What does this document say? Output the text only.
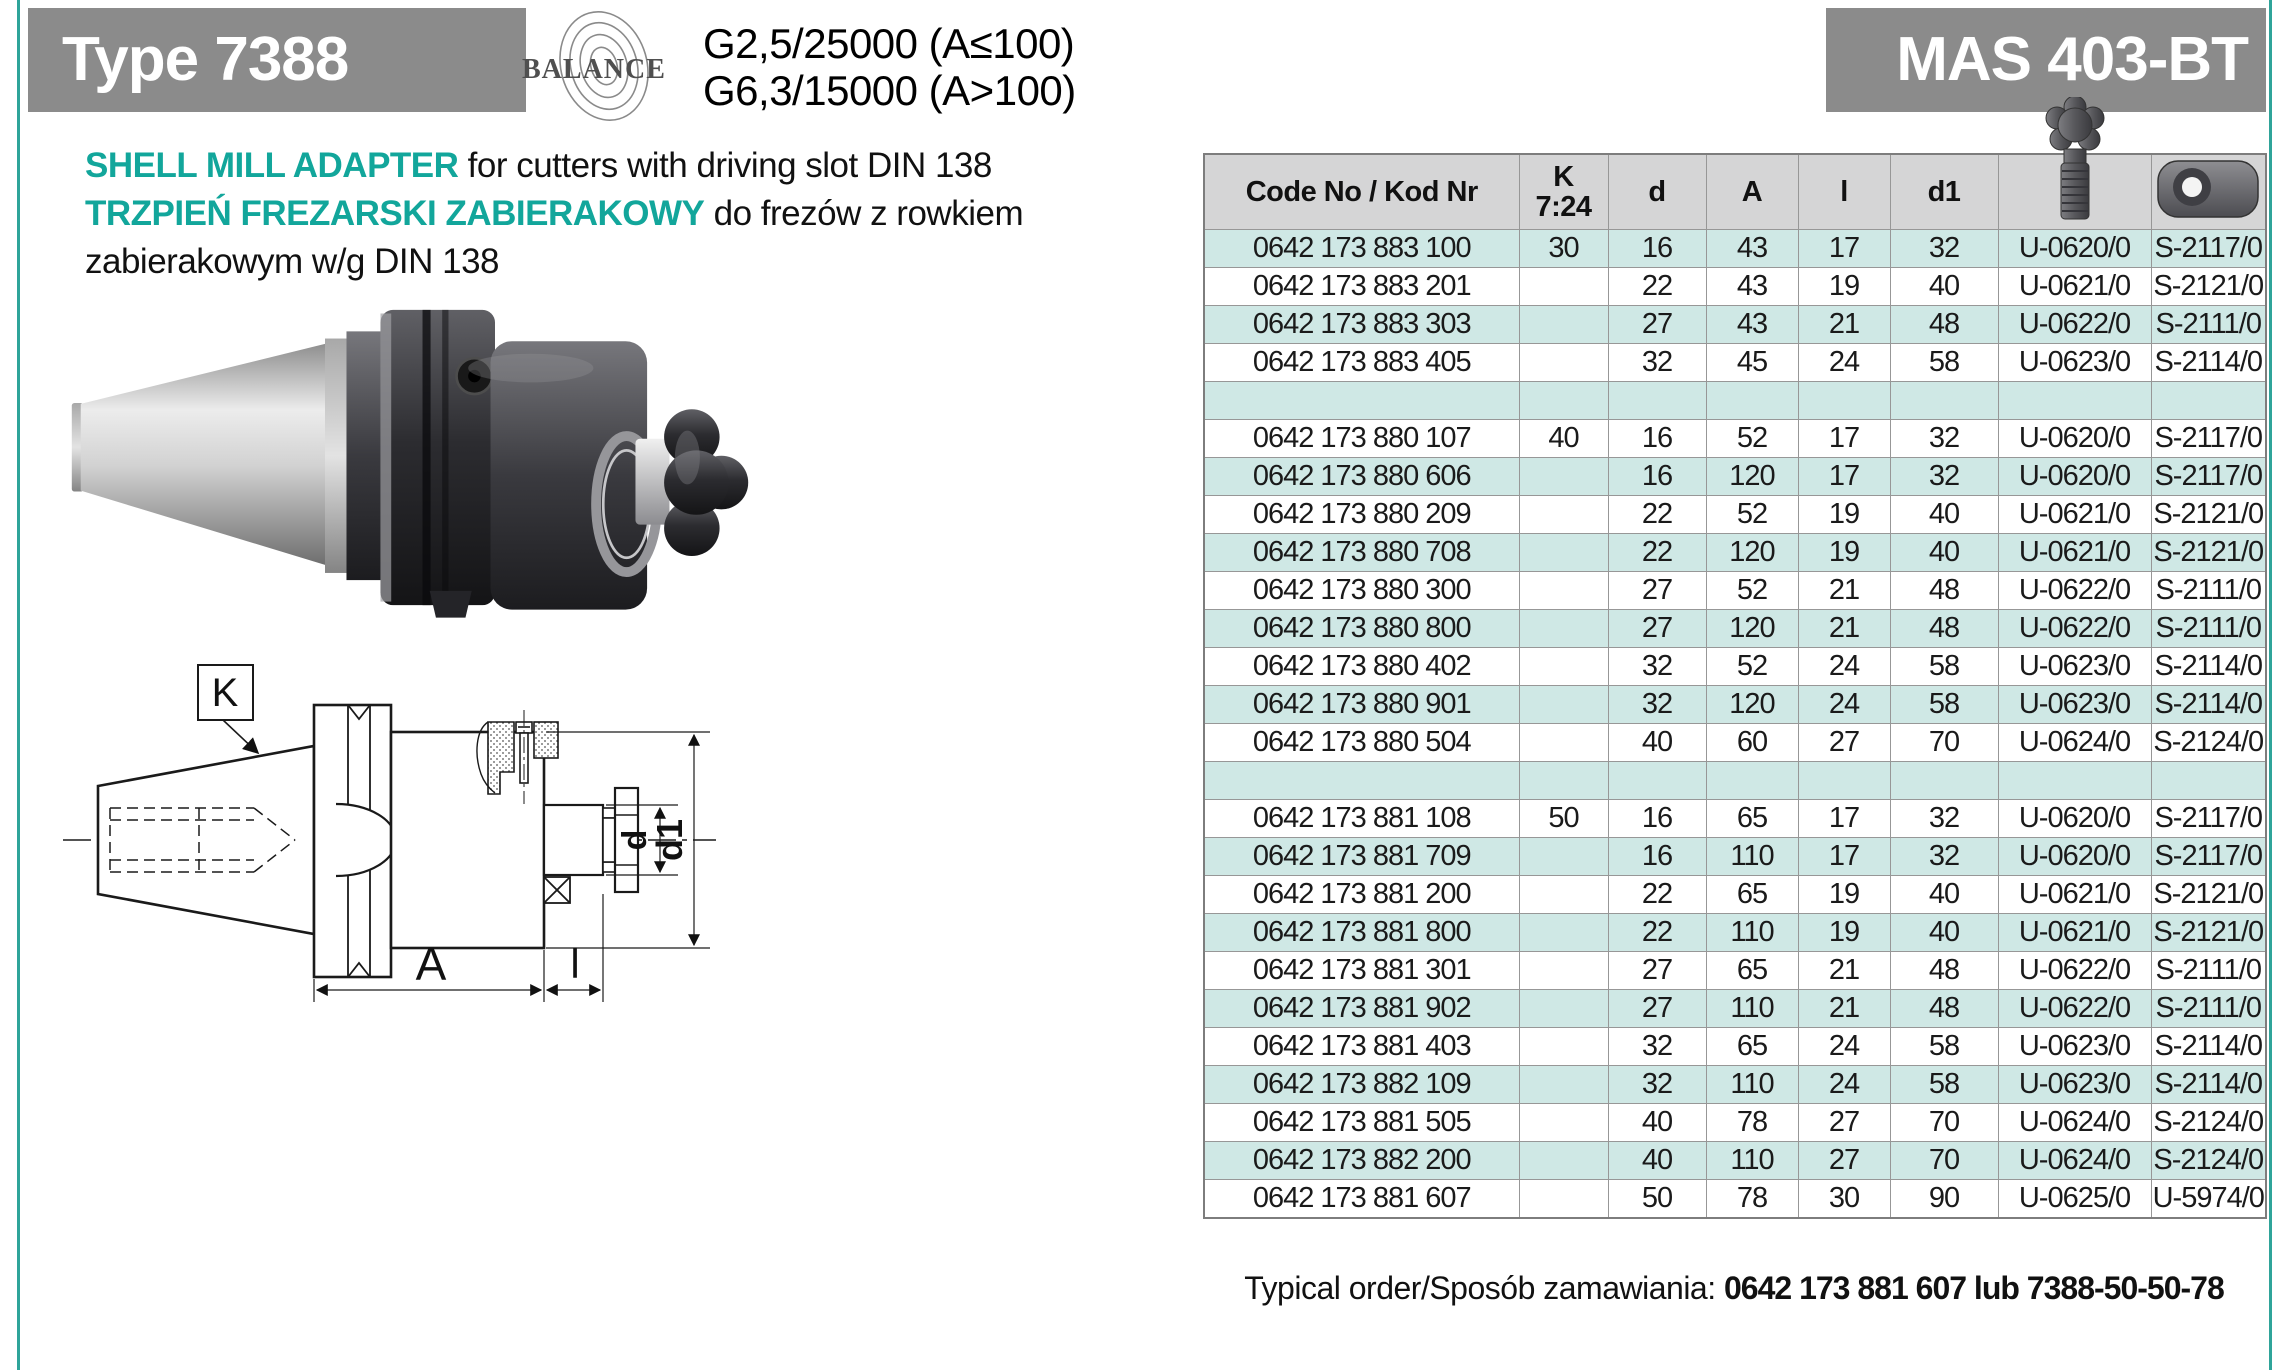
Type 7388	BALANCE
G2,5/25000 (A≤100)
G6,3/15000 (A>100)	MAS 403-BT
SHELL MILL ADAPTER for cutters with driving slot DIN 138
TRZPIEŃ FREZARSKI ZABIERAKOWY do frezów z rowkiem
zabierakowym w/g DIN 138
K
A	l
d
d1
Code No / Kod Nr	K
7:24	d	A	l	d1	

0642 173 883 100	30	16	43	17	32	U-0620/0	S-2117/0
0642 173 883 201		22	43	19	40	U-0621/0	S-2121/0
0642 173 883 303		27	43	21	48	U-0622/0	S-2111/0
0642 173 883 405		32	45	24	58	U-0623/0	S-2114/0

0642 173 880 107	40	16	52	17	32	U-0620/0	S-2117/0
0642 173 880 606		16	120	17	32	U-0620/0	S-2117/0
0642 173 880 209		22	52	19	40	U-0621/0	S-2121/0
0642 173 880 708		22	120	19	40	U-0621/0	S-2121/0
0642 173 880 300		27	52	21	48	U-0622/0	S-2111/0
0642 173 880 800		27	120	21	48	U-0622/0	S-2111/0
0642 173 880 402		32	52	24	58	U-0623/0	S-2114/0
0642 173 880 901		32	120	24	58	U-0623/0	S-2114/0
0642 173 880 504		40	60	27	70	U-0624/0	S-2124/0

0642 173 881 108	50	16	65	17	32	U-0620/0	S-2117/0
0642 173 881 709		16	110	17	32	U-0620/0	S-2117/0
0642 173 881 200		22	65	19	40	U-0621/0	S-2121/0
0642 173 881 800		22	110	19	40	U-0621/0	S-2121/0
0642 173 881 301		27	65	21	48	U-0622/0	S-2111/0
0642 173 881 902		27	110	21	48	U-0622/0	S-2111/0
0642 173 881 403		32	65	24	58	U-0623/0	S-2114/0
0642 173 882 109		32	110	24	58	U-0623/0	S-2114/0
0642 173 881 505		40	78	27	70	U-0624/0	S-2124/0
0642 173 882 200		40	110	27	70	U-0624/0	S-2124/0
0642 173 881 607		50	78	30	90	U-0625/0	U-5974/0
Typical order/Sposób zamawiania: 0642 173 881 607 lub 7388-50-50-78
